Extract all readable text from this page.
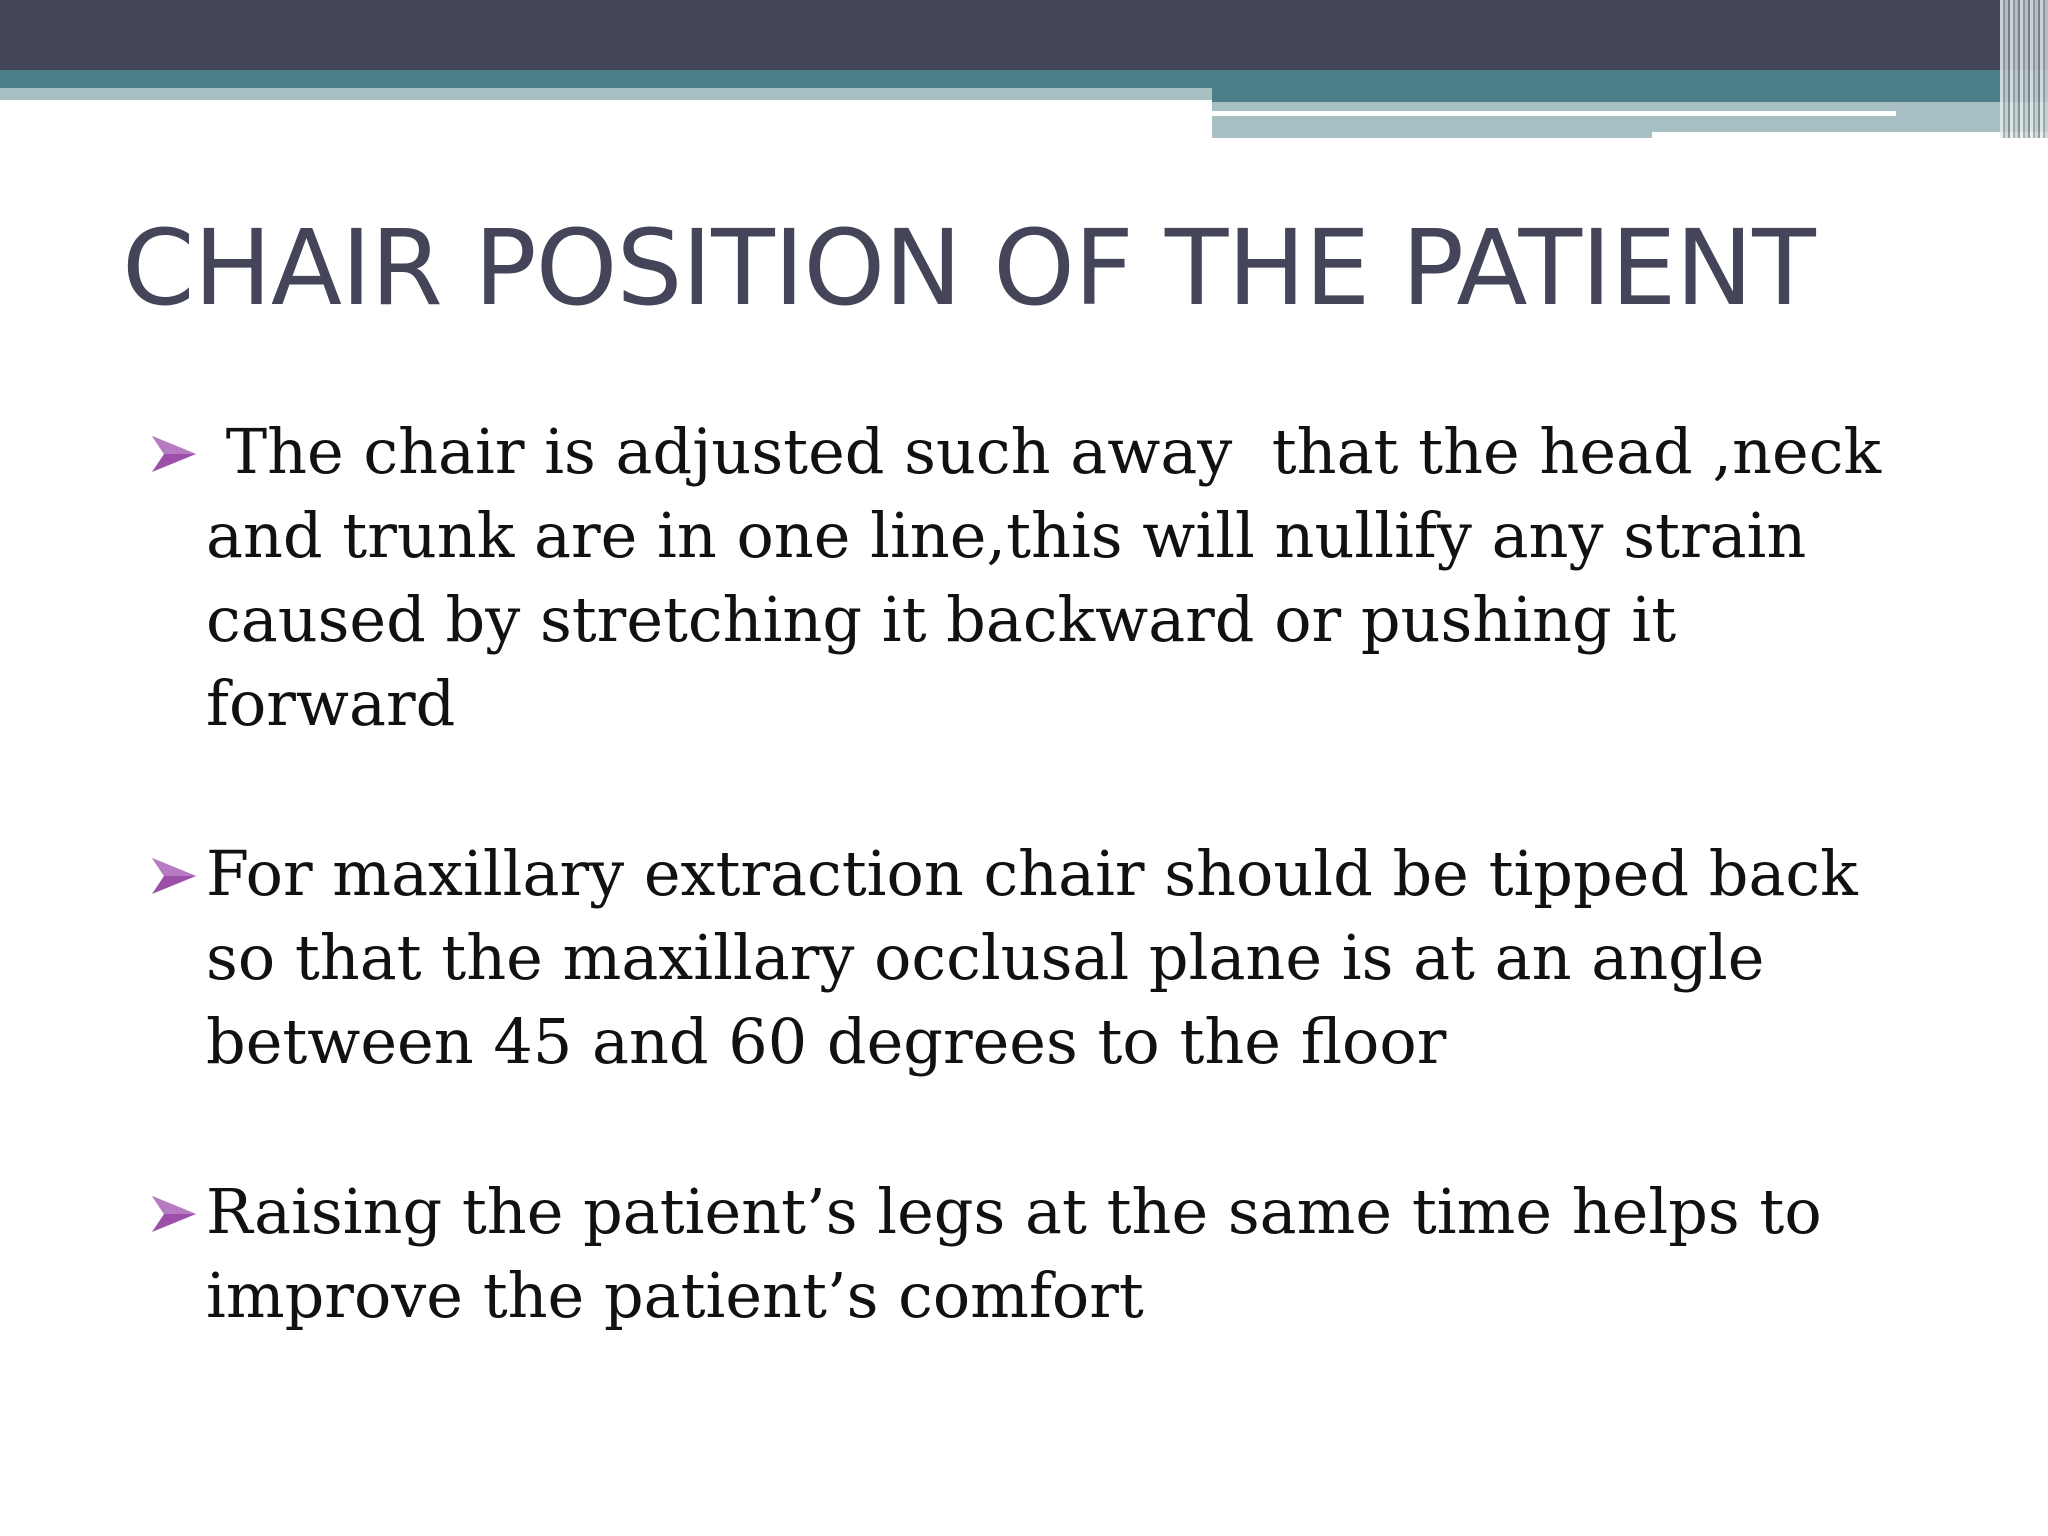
CHAIR POSITION OF THE PATIENT
The chair is adjusted such away  that the head ,neck and trunk are in one line,this will nullify any strain caused by stretching it backward or pushing it forward
For maxillary extraction chair should be tipped back so that the maxillary occlusal plane is at an angle between 45 and 60 degrees to the floor
Raising the patient’s legs at the same time helps to improve the patient’s comfort
